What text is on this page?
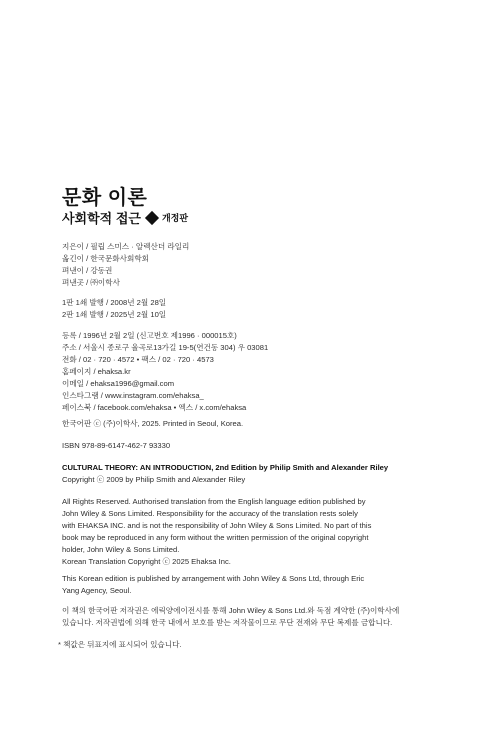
문화 이론
사회학적 접근 개정판
지은이 / 필립 스미스 · 알렉산더 라일리
옮긴이 / 한국문화사회학회
펴낸이 / 강동권
펴낸곳 / ㈜이학사
1판 1쇄 발행 / 2008년 2월 28일
2판 1쇄 발행 / 2025년 2월 10일
등록 / 1996년 2월 2일 (신고번호 제1996 · 000015호)
주소 / 서울시 종로구 율곡로13가길 19-5(연건동 304) 우 03081
전화 / 02 · 720 · 4572 • 팩스 / 02 · 720 · 4573
홈페이지 / ehaksa.kr
이메일 / ehaksa1996@gmail.com
인스타그램 / www.instagram.com/ehaksa_
페이스북 / facebook.com/ehaksa • 엑스 / x.com/ehaksa
한국어판 ⓒ (주)이학사, 2025. Printed in Seoul, Korea.
ISBN 978-89-6147-462-7 93330
CULTURAL THEORY: AN INTRODUCTION, 2nd Edition by Philip Smith and Alexander Riley
Copyright ⓒ 2009 by Philip Smith and Alexander Riley
All Rights Reserved. Authorised translation from the English language edition published by
John Wiley & Sons Limited. Responsibility for the accuracy of the translation rests solely
with EHAKSA INC. and is not the responsibility of John Wiley & Sons Limited. No part of this
book may be reproduced in any form without the written permission of the original copyright
holder, John Wiley & Sons Limited.
Korean Translation Copyright ⓒ 2025 Ehaksa Inc.
This Korean edition is published by arrangement with John Wiley & Sons Ltd, through Eric
Yang Agency, Seoul.
이 책의 한국어판 저작권은 에릭양에이전시를 통해 John Wiley & Sons Ltd.와 독점 계약한 (주)이학사에
있습니다. 저작권법에 의해 한국 내에서 보호를 받는 저작물이므로 무단 전재와 무단 복제를 금합니다.
* 책값은 뒤표지에 표시되어 있습니다.
